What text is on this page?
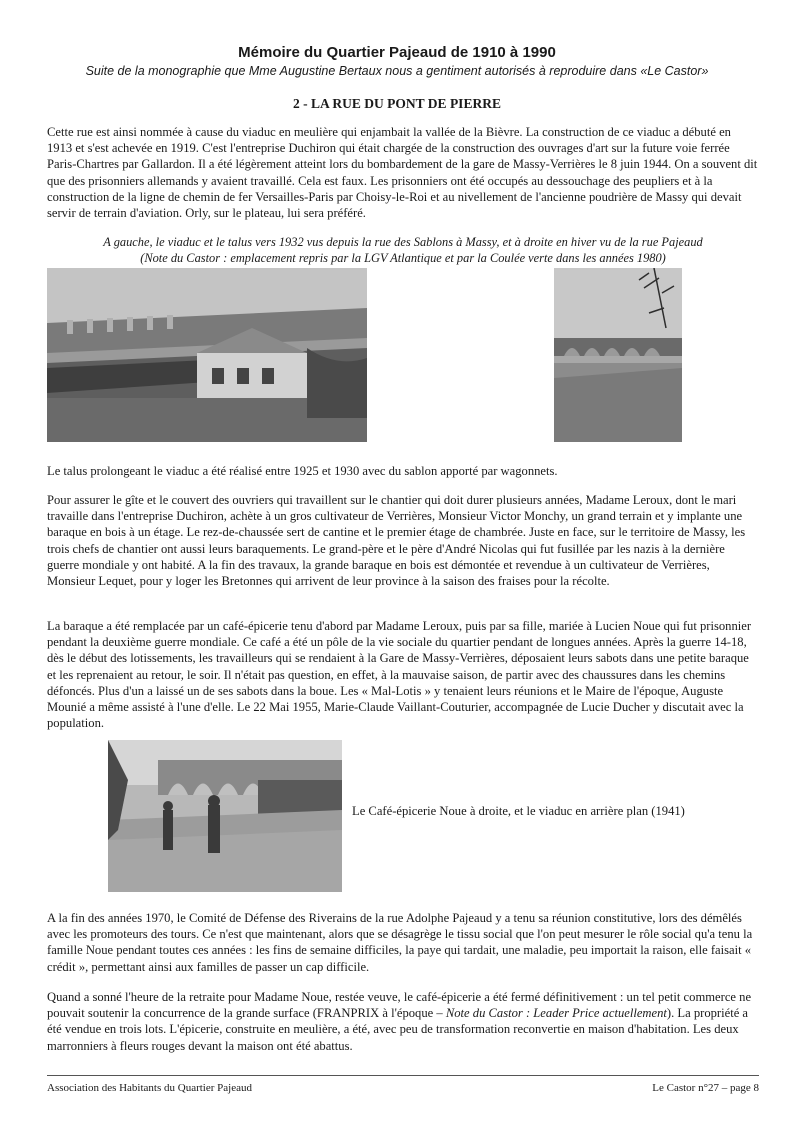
Mémoire du Quartier Pajeaud de 1910 à 1990
Suite de la monographie que Mme Augustine Bertaux nous a gentiment autorisés à reproduire dans «Le Castor»
2 - LA RUE DU PONT DE PIERRE

Cette rue est ainsi nommée à cause du viaduc en meulière qui enjambait la vallée de la Bièvre. La construction de ce viaduc a débuté en 1913 et s'est achevée en 1919. C'est l'entreprise Duchiron qui était chargée de la construction des ouvrages d'art sur la future voie ferrée Paris-Chartres par Gallardon. Il a été légèrement atteint lors du bombardement de la gare de Massy-Verrières le 8 juin 1944. On a souvent dit que des prisonniers allemands y avaient travaillé. Cela est faux. Les prisonniers ont été occupés au dessouchage des peupliers et à la construction de la ligne de chemin de fer Versailles-Paris par Choisy-le-Roi et au nivellement de l'ancienne poudrière de Massy qui devait servir de terrain d'aviation. Orly, sur le plateau, lui sera préféré.

A gauche, le viaduc et le talus vers 1932 vus depuis la rue des Sablons à Massy, et à droite en hiver vu de la rue Pajeaud

(Note du Castor : emplacement repris par la LGV Atlantique et par la Coulée verte dans les années 1980)

Le talus prolongeant le viaduc a été réalisé entre 1925 et 1930 avec du sablon apporté par wagonnets.

Pour assurer le gîte et le couvert des ouvriers qui travaillent sur le chantier qui doit durer plusieurs années, Madame Leroux, dont le mari travaille dans l'entreprise Duchiron, achète à un gros cultivateur de Verrières, Monsieur Victor Monchy, un grand terrain et y implante une baraque en bois à un étage. Le rez-de-chaussée sert de cantine et le premier étage de chambrée. Juste en face, sur le territoire de Massy, les trois chefs de chantier ont aussi leurs baraquements. Le grand-père et le père d'André Nicolas qui fut fusillée par les nazis à la dernière guerre mondiale y ont habité. A la fin des travaux, la grande baraque en bois est démontée et revendue à un cultivateur de Verrières, Monsieur Lequet, pour y loger les Bretonnes qui arrivent de leur province à la saison des fraises pour la récolte.

La baraque a été remplacée par un café-épicerie tenu d'abord par Madame Leroux, puis par sa fille, mariée à Lucien Noue qui fut prisonnier pendant la deuxième guerre mondiale. Ce café a été un pôle de la vie sociale du quartier pendant de longues années. Après la guerre 14-18, dès le début des lotissements, les travailleurs qui se rendaient à la Gare de Massy-Verrières, déposaient leurs sabots dans une petite baraque et les reprenaient au retour, le soir. Il n'était pas question, en effet, à la mauvaise saison, de partir avec des chaussures dans les chemins défoncés. Plus d'un a laissé un de ses sabots dans la boue. Les « Mal-Lotis » y tenaient leurs réunions et le Maire de l'époque, Auguste Mounié a même assisté à l'une d'elle. Le 22 Mai 1955, Marie-Claude Vaillant-Couturier, accompagnée de Lucie Ducher y discutait avec la population.

Le Café-épicerie Noue à droite, et le viaduc en arrière plan (1941)

A la fin des années 1970, le Comité de Défense des Riverains de la rue Adolphe Pajeaud y a tenu sa réunion constitutive, lors des démêlés avec les promoteurs des tours. Ce n'est que maintenant, alors que se désagrège le tissu social que l'on peut mesurer le rôle social qu'a tenu la famille Noue pendant toutes ces années : les fins de semaine difficiles, la paye qui tardait, une maladie, peu importait la raison, elle faisait « crédit », permettant ainsi aux familles de passer un cap difficile.

Quand a sonné l'heure de la retraite pour Madame Noue, restée veuve, le café-épicerie a été fermé définitivement : un tel petit commerce ne pouvait soutenir la concurrence de la grande surface (FRANPRIX à l'époque – Note du Castor : Leader Price actuellement). La propriété a été vendue en trois lots. L'épicerie, construite en meulière, a été, avec peu de transformation reconvertie en maison d'habitation. Les deux marronniers à fleurs rouges devant la maison ont été abattus.

Association des Habitants du Quartier Pajeaud	Le Castor n°27 – page 8
